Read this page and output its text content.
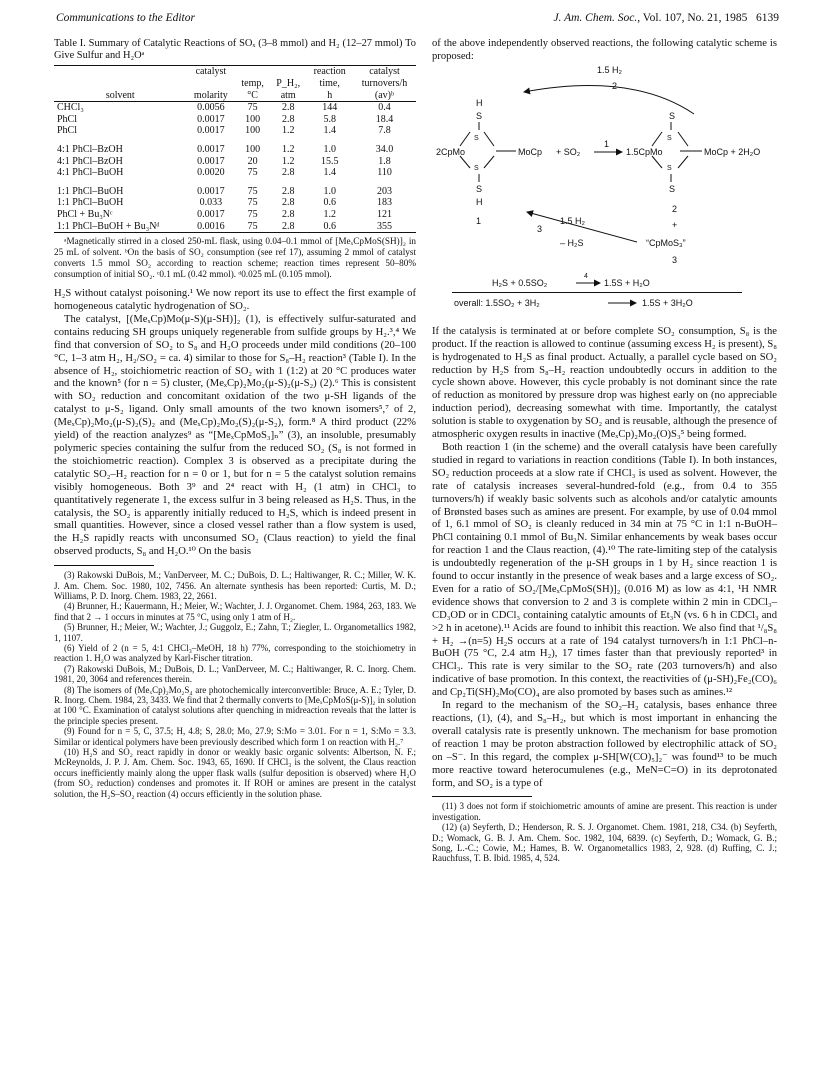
Communications to the Editor	J. Am. Chem. Soc., Vol. 107, No. 21, 1985 6139
Table I. Summary of Catalytic Reactions of SOₓ (3–8 mmol) and H₂ (12–27 mmol) To Give Sulfur and H₂Oᵃ
	catalyst			reaction	catalyst
		temp,	P_H₂,	time,	turnovers/h
solvent	molarity	°C	atm	h	(av)ᵇ
CHCl₃	0.0056	75	2.8	144	0.4
PhCl	0.0017	100	2.8	5.8	18.4
PhCl	0.0017	100	1.2	1.4	7.8

4:1 PhCl–BzOH	0.0017	100	1.2	1.0	34.0
4:1 PhCl–BzOH	0.0017	20	1.2	15.5	1.8
4:1 PhCl–BuOH	0.0020	75	2.8	1.4	110

1:1 PhCl–BuOH	0.0017	75	2.8	1.0	203
1:1 PhCl–BuOH	0.033	75	2.8	0.6	183
PhCl + Bu₃Nᶜ	0.0017	75	2.8	1.2	121
1:1 PhCl–BuOH + Bu₃Nᵈ	0.0016	75	2.8	0.6	355
ᵃMagnetically stirred in a closed 250-mL flask, using 0.04–0.1 mmol of [MeₓCpMoS(SH)]₂ in 25 mL of solvent. ᵇOn the basis of SO₂ consumption (see ref 17), assuming 2 mmol of catalyst converts 1.5 mmol SO₂ according to reaction scheme; reaction times represent 50–80% consumption of initial SO₂. ᶜ0.1 mL (0.42 mmol). ᵈ0.025 mL (0.105 mmol).

H₂S without catalyst poisoning.¹ We now report its use to effect the first example of homogeneous catalytic hydrogenation of SO₂.

The catalyst, [(MeₓCp)Mo(μ-S)(μ-SH)]₂ (1), is effectively sulfur-saturated and contains reducing SH groups uniquely regenerable from sulfide groups by H₂.³,⁴ We find that conversion of SO₂ to S₈ and H₂O proceeds under mild conditions (20–100 °C, 1–3 atm H₂, H₂/SO₂ = ca. 4) similar to those for S₈–H₂ reaction³ (Table I). In the absence of H₂, stoichiometric reaction of SO₂ with 1 (1:2) at 20 °C produces water and the known⁵ (for n = 5) cluster, (MeₓCp)₂Mo₂(μ-S)₂(μ-S₂) (2).⁶ This is consistent with SO₂ reduction and concomitant oxidation of the two μ-SH ligands of the catalyst to μ-S₂ ligand. Only small amounts of the two known isomers⁵,⁷ of 2, (MeₓCp)₂Mo₂(μ-S)₂(S)₂ and (MeₓCp)₂Mo₂(S)₂(μ-S₂), form.⁸ A third product (22% yield) of the reaction analyzes⁹ as “[MeₓCpMoS₃]ₙ” (3), an insoluble, presumably polymeric species containing the sulfur from the reduced SO₂ (S₈ is not formed in the stoichiometric reaction). Complex 3 is observed as a precipitate during the catalytic SO₂–H₂ reaction for n = 0 or 1, but for n = 5 the catalyst solution remains visibly homogeneous. Both 3⁹ and 2⁴ react with H₂ (1 atm) in CHCl₃ to quantitatively regenerate 1, the excess sulfur in 3 being released as H₂S. Thus, in the catalysis, the SO₂ is apparently initially reduced to H₂S, which is indeed present in small quantities. However, since a closed vessel rather than a flow system is used, the H₂S rapidly reacts with unconsumed SO₂ (Claus reaction) to yield the final observed products, S₈ and H₂O.¹⁰ On the basis

(3) Rakowski DuBois, M.; VanDerveer, M. C.; DuBois, D. L.; Haltiwanger, R. C.; Miller, W. K. J. Am. Chem. Soc. 1980, 102, 7456. An alternate synthesis has been reported: Curtis, M. D.; Williams, P. D. Inorg. Chem. 1983, 22, 2661.
(4) Brunner, H.; Kauermann, H.; Meier, W.; Wachter, J. J. Organomet. Chem. 1984, 263, 183. We find that 2 → 1 occurs in minutes at 75 °C, using only 1 atm of H₂.
(5) Brunner, H.; Meier, W.; Wachter, J.; Guggolz, E.; Zahn, T.; Ziegler, L. Organometallics 1982, 1, 1107.
(6) Yield of 2 (n = 5, 4:1 CHCl₃–MeOH, 18 h) 77%, corresponding to the stoichiometry in reaction 1. H₂O was analyzed by Karl-Fischer titration.
(7) Rakowski DuBois, M.; DuBois, D. L.; VanDerveer, M. C.; Haltiwanger, R. C. Inorg. Chem. 1981, 20, 3064 and references therein.
(8) The isomers of (MeₓCp)₂Mo₂S₄ are photochemically interconvertible: Bruce, A. E.; Tyler, D. R. Inorg. Chem. 1984, 23, 3433. We find that 2 thermally converts to [MeₓCpMoS(μ-S)]₂ in solution at 100 °C. Examination of catalyst solutions after quenching in midreaction reveals that the latter is the principle species present.
(9) Found for n = 5, C, 37.5; H, 4.8; S, 28.0; Mo, 27.9; S:Mo = 3.01. For n = 1, S:Mo = 3.3. Similar or identical polymers have been previously described which form 1 on reaction with H₂.⁷
(10) H₂S and SO₂ react rapidly in donor or weakly basic organic solvents: Albertson, N. F.; McReynolds, J. P. J. Am. Chem. Soc. 1943, 65, 1690. If CHCl₃ is the solvent, the Claus reaction occurs inefficiently mainly along the upper flask walls (sulfur deposition is observed) where H₂O (from SO₂ reduction) condenses and promotes it. If ROH or amines are present in the catalyst solution, the H₂S–SO₂ reaction (4) occurs efficiently in the solution phase.

of the above independently observed reactions, the following catalytic scheme is proposed:

1.5 H₂
2
H
S
S
S
2CpMo	MoCp
S
H
1
+ SO₂
1
S
S
S
1.5CpMo	MoCp + 2H₂O
S
2
3
1.5 H₂
– H₂S
+
“CpMoS₃”
3
H₂S + 0.5SO₂
4
1.5S + H₂O
overall: 1.5SO₂ + 3H₂	1.5S + 3H₂O

If the catalysis is terminated at or before complete SO₂ consumption, S₈ is the product. If the reaction is allowed to continue (assuming excess H₂ is present), S₈ is hydrogenated to H₂S as final product. Actually, a parallel cycle based on SO₂ reduction by H₂S from S₈–H₂ reaction undoubtedly occurs in addition to the cycle shown above. However, this cycle probably is not dominant since the rate of reduction as monitored by pressure drop was highest early on (no appreciable induction period), decreasing somewhat with time. Importantly, the catalyst solution is stable to oxygenation by SO₂ and is reusable, although the presence of atmospheric oxygen results in inactive (MeₓCp)₂Mo₂(O)S₃⁵ being formed.

Both reaction 1 (in the scheme) and the overall catalysis have been carefully studied in regard to variations in reaction conditions (Table I). In both instances, SO₂ reduction proceeds at a slow rate if CHCl₃ is used as solvent. However, the rate of catalysis increases several-hundred-fold (e.g., from 0.4 to 355 turnovers/h) if weakly basic solvents such as alcohols and/or catalytic amounts of Brønsted bases such as amines are present. For example, by use of 0.04 mmol of 1, 6.1 mmol of SO₂ is cleanly reduced in 34 min at 75 °C in 1:1 n-BuOH–PhCl containing 0.1 mmol of Bu₃N. Similar enhancements by weak bases occur for reaction 1 and the Claus reaction, (4).¹⁰ The rate-limiting step of the catalysis is undoubtedly regeneration of the μ-SH groups in 1 by H₂ since reaction 1 is found to occur instantly in the presence of weak bases and a large excess of SO₂. Even for a ratio of SO₂/[MeₓCpMoS(SH)]₂ (0.016 M) as low as 4:1, ¹H NMR evidence shows that conversion to 2 and 3 is complete within 2 min in CDCl₃–CD₃OD or in CDCl₃ containing catalytic amounts of Et₃N (vs. 6 h in CDCl₃ and >2 h in acetone).¹¹ Acids are found to inhibit this reaction. We also find that ¹/₈S₈ + H₂ →(n=5) H₂S occurs at a rate of 194 catalyst turnovers/h in 1:1 PhCl–n-BuOH (75 °C, 2.4 atm H₂), 17 times faster than that previously reported³ in CHCl₃. This rate is very similar to the SO₂ rate (203 turnovers/h) and also indicative of base promotion. In this context, the reactivities of (μ-SH)₂Fe₂(CO)₆ and Cp₂Ti(SH)₂Mo(CO)₄ are also promoted by bases such as amines.¹²

In regard to the mechanism of the SO₂–H₂ catalysis, bases enhance three reactions, (1), (4), and S₈–H₂, but which is most important in enhancing the overall catalysis rate is presently unknown. The mechanism for base promotion of reaction 1 may be proton abstraction followed by electrophilic attack of SO₂ on –S⁻. In this regard, the complex μ-SH[W(CO)₅]₂⁻ was found¹³ to be much more reactive toward heterocumulenes (e.g., MeN=C=O) in its deprotonated form, and SO₂ is a type of

(11) 3 does not form if stoichiometric amounts of amine are present. This reaction is under investigation.
(12) (a) Seyferth, D.; Henderson, R. S. J. Organomet. Chem. 1981, 218, C34. (b) Seyferth, D.; Womack, G. B. J. Am. Chem. Soc. 1982, 104, 6839. (c) Seyferth, D.; Womack, G. B.; Song, L.-C.; Cowie, M.; Hames, B. W. Organometallics 1983, 2, 928. (d) Ruffing, C. J.; Rauchfuss, T. B. Ibid. 1985, 4, 524.
